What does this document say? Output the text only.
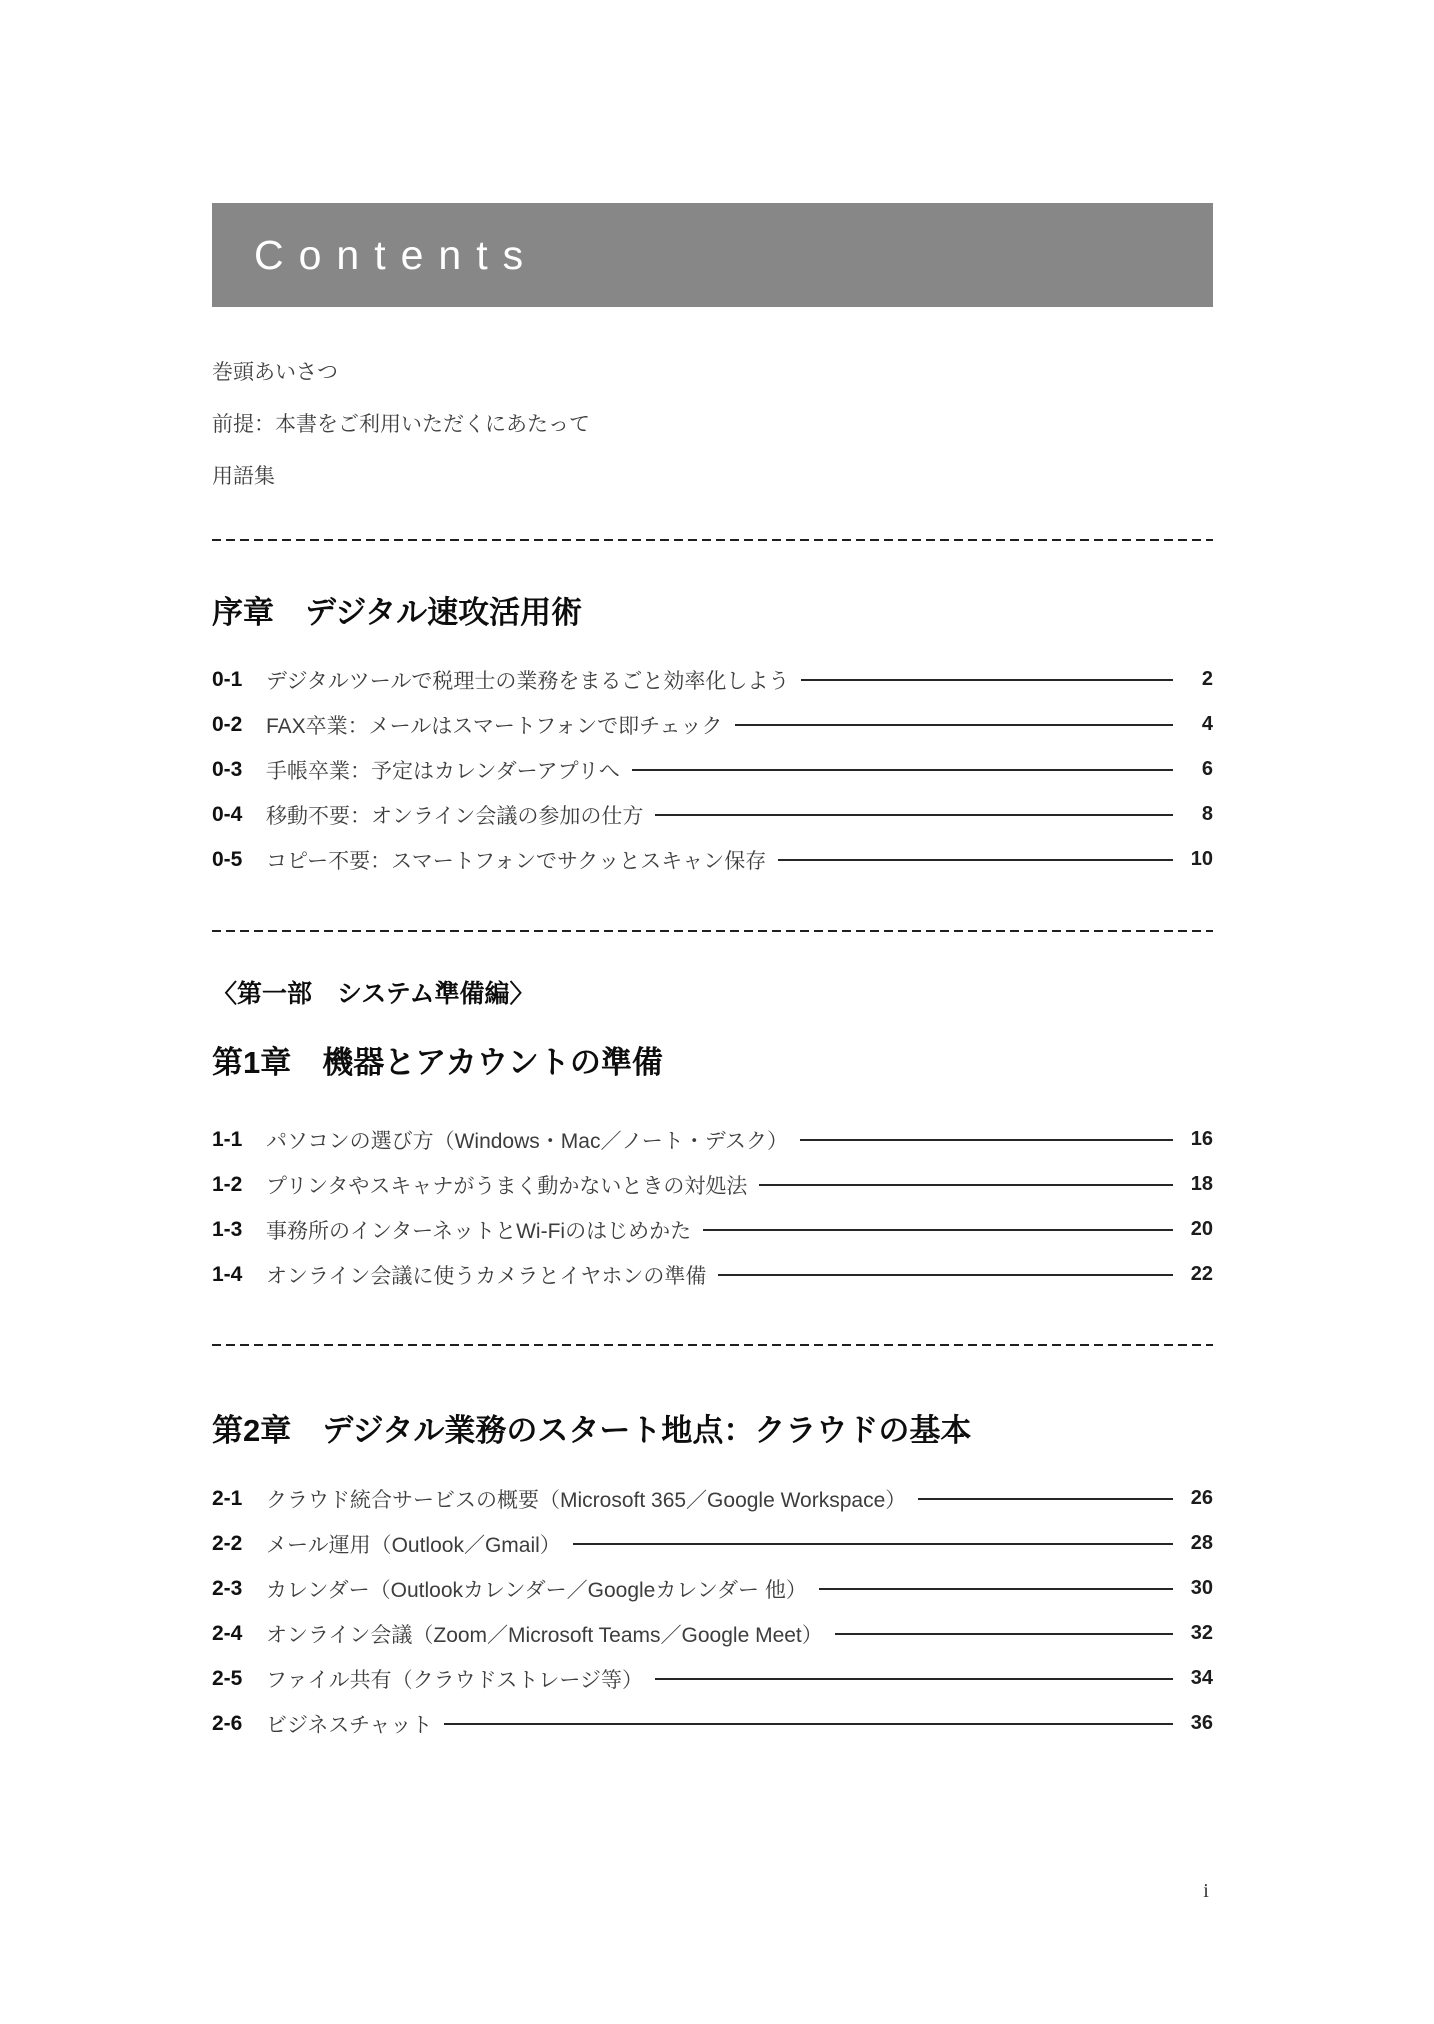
Contents
巻頭あいさつ
前提：本書をご利用いただくにあたって
用語集
序章　デジタル速攻活用術
0-1	デジタルツールで税理士の業務をまるごと効率化しよう	2
0-2	FAX卒業：メールはスマートフォンで即チェック	4
0-3	手帳卒業：予定はカレンダーアプリへ	6
0-4	移動不要：オンライン会議の参加の仕方	8
0-5	コピー不要：スマートフォンでサクッとスキャン保存	10
〈第一部　システム準備編〉
第1章　機器とアカウントの準備
1-1	パソコンの選び方（Windows・Mac／ノート・デスク）	16
1-2	プリンタやスキャナがうまく動かないときの対処法	18
1-3	事務所のインターネットとWi-Fiのはじめかた	20
1-4	オンライン会議に使うカメラとイヤホンの準備	22
第2章　デジタル業務のスタート地点：クラウドの基本
2-1	クラウド統合サービスの概要（Microsoft 365／Google Workspace）	26
2-2	メール運用（Outlook／Gmail）	28
2-3	カレンダー（Outlookカレンダー／Googleカレンダー 他）	30
2-4	オンライン会議（Zoom／Microsoft Teams／Google Meet）	32
2-5	ファイル共有（クラウドストレージ等）	34
2-6	ビジネスチャット	36
i
